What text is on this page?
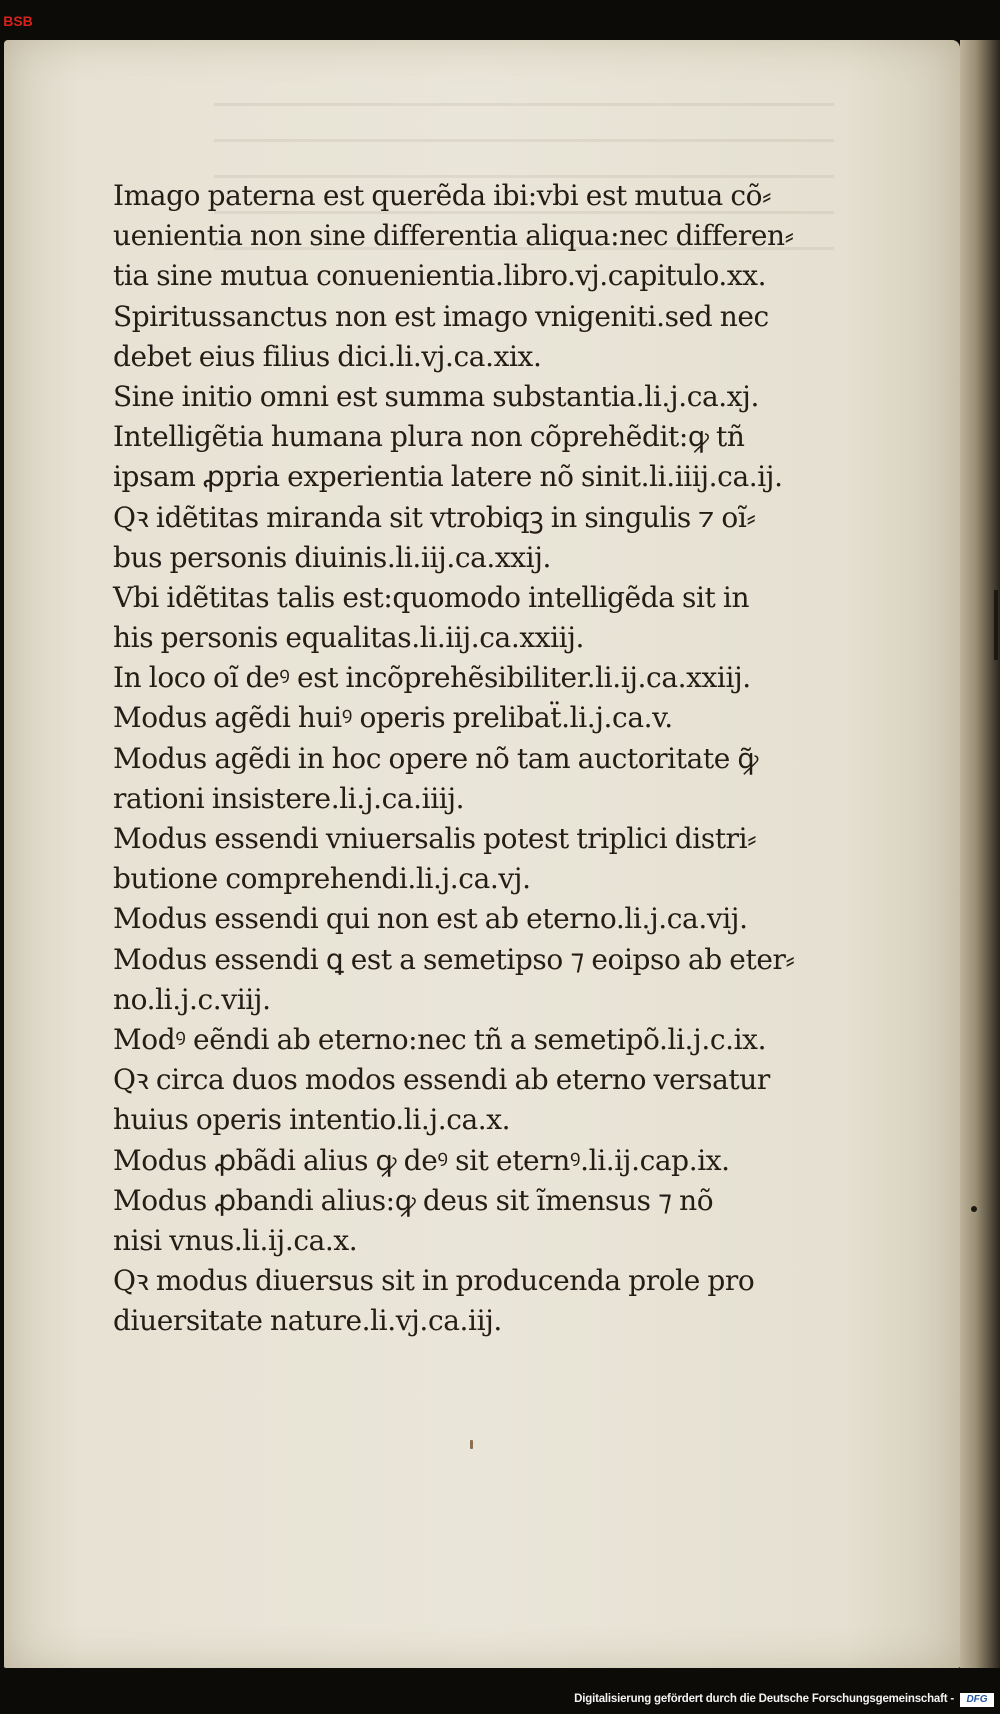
BSB
Imago paterna est querẽda ibi:vbi est mutua cõ⸗
uenientia non sine differentia aliqua:nec differen⸗
tia sine mutua conuenientia.libro.vj.capitulo.xx.
Spiritussanctus non est imago vnigeniti.sed nec
debet eius filius dici.li.vj.ca.xix.
Sine initio omni est summa substantia.li.j.ca.xj.
Intelligẽtia humana plura non cõprehẽdit:ꝙ tñ
ipsam ꝓpria experientia latere nõ sinit.li.iiij.ca.ij.
Qꝛ idẽtitas miranda sit vtrobiqꝫ in singulis ⁊ oĩ⸗
bus personis diuinis.li.iij.ca.xxij.
Vbi idẽtitas talis est:quomodo intelligẽda sit in
his personis equalitas.li.iij.ca.xxiij.
In loco oĩ deꝰ est incõprehẽsibiliter.li.ij.ca.xxiij.
Modus agẽdi huiꝰ operis prelibaẗ.li.j.ca.v.
Modus agẽdi in hoc opere nõ tam auctoritate ꝙ̃
rationi insistere.li.j.ca.iiij.
Modus essendi vniuersalis potest triplici distri⸗
butione comprehendi.li.j.ca.vj.
Modus essendi qui non est ab eterno.li.j.ca.vij.
Modus essendi ꝗ est a semetipso ⁊ eoipso ab eter⸗
no.li.j.c.viij.
Modꝰ eẽndi ab eterno:nec tñ a semetipõ.li.j.c.ix.
Qꝛ circa duos modos essendi ab eterno versatur
huius operis intentio.li.j.ca.x.
Modus ꝓbãdi alius ꝙ deꝰ sit eternꝰ.li.ij.cap.ix.
Modus ꝓbandi alius:ꝙ deus sit ĩmensus ⁊ nõ
nisi vnus.li.ij.ca.x.
Qꝛ modus diuersus sit in producenda prole pro
diuersitate nature.li.vj.ca.iij.
Digitalisierung gefördert durch die Deutsche Forschungsgemeinschaft -	DFG
